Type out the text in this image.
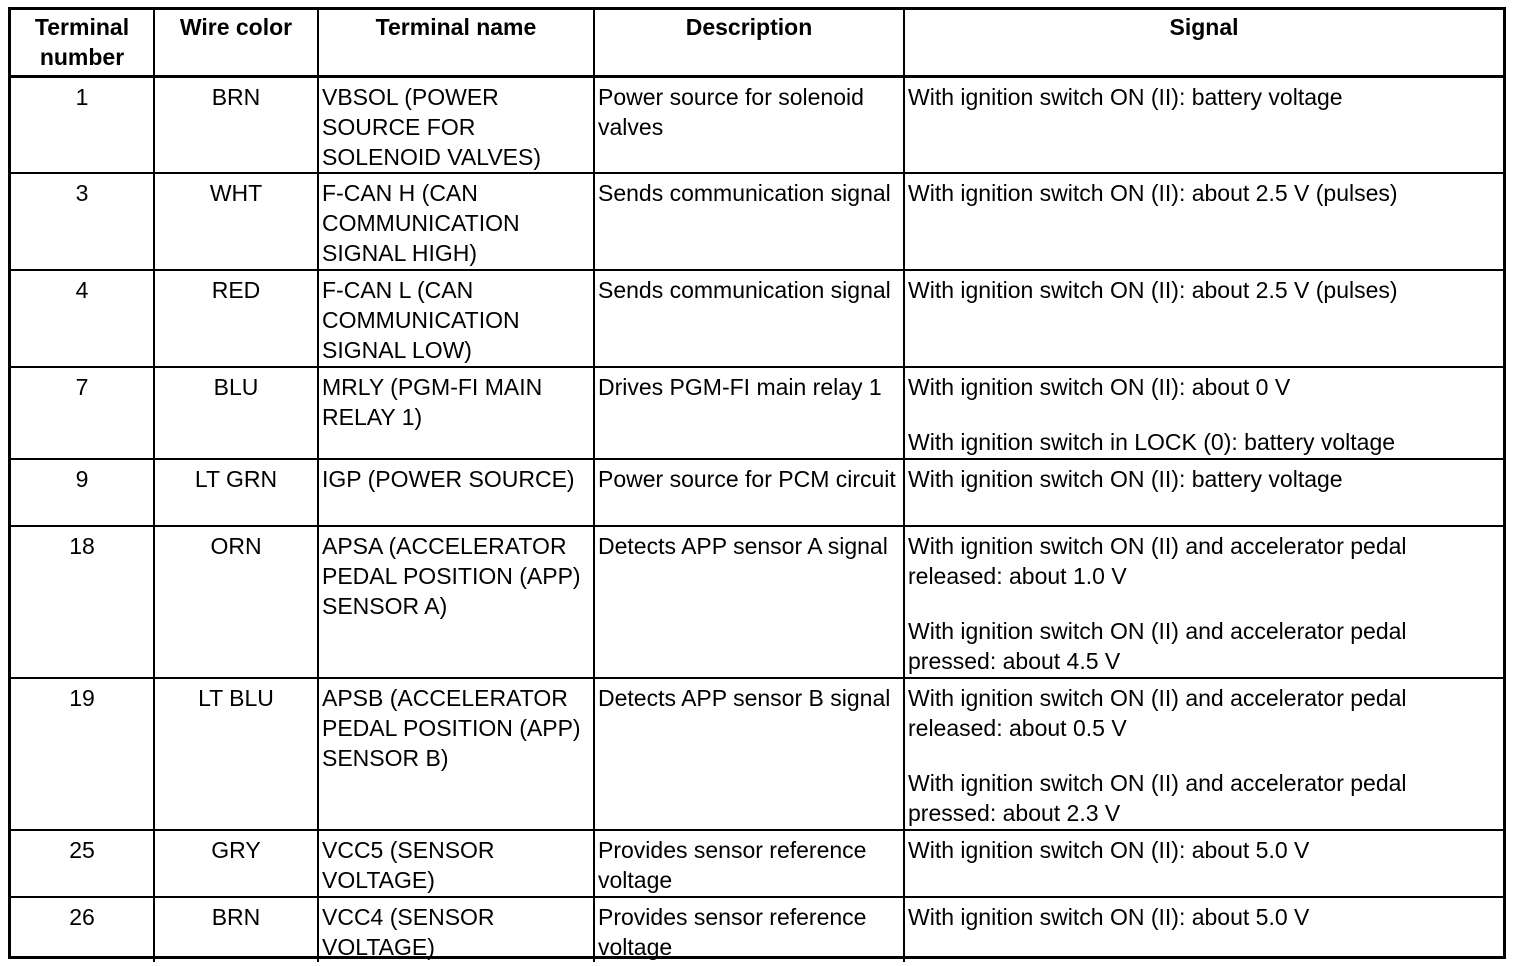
Terminal number	Wire color	Terminal name	Description	Signal
1	BRN	VBSOL (POWER SOURCE FOR SOLENOID VALVES)	Power source for solenoid valves	With ignition switch ON (II): battery voltage

3	WHT	F-CAN H (CAN COMMUNICATION SIGNAL HIGH)	Sends communication signal	With ignition switch ON (II): about 2.5 V (pulses)

4	RED	F-CAN L (CAN COMMUNICATION SIGNAL LOW)	Sends communication signal	With ignition switch ON (II): about 2.5 V (pulses)

7	BLU	MRLY (PGM-FI MAIN RELAY 1)	Drives PGM-FI main relay 1	With ignition switch ON (II): about 0 V
With ignition switch in LOCK (0): battery voltage

9	LT GRN	IGP (POWER SOURCE)	Power source for PCM circuit	With ignition switch ON (II): battery voltage

18	ORN	APSA (ACCELERATOR PEDAL POSITION (APP) SENSOR A)	Detects APP sensor A signal	With ignition switch ON (II) and accelerator pedal released: about 1.0 V
With ignition switch ON (II) and accelerator pedal pressed: about 4.5 V

19	LT BLU	APSB (ACCELERATOR PEDAL POSITION (APP) SENSOR B)	Detects APP sensor B signal	With ignition switch ON (II) and accelerator pedal released: about 0.5 V
With ignition switch ON (II) and accelerator pedal pressed: about 2.3 V

25	GRY	VCC5 (SENSOR VOLTAGE)	Provides sensor reference voltage	With ignition switch ON (II): about 5.0 V

26	BRN	VCC4 (SENSOR VOLTAGE)	Provides sensor reference voltage	With ignition switch ON (II): about 5.0 V
